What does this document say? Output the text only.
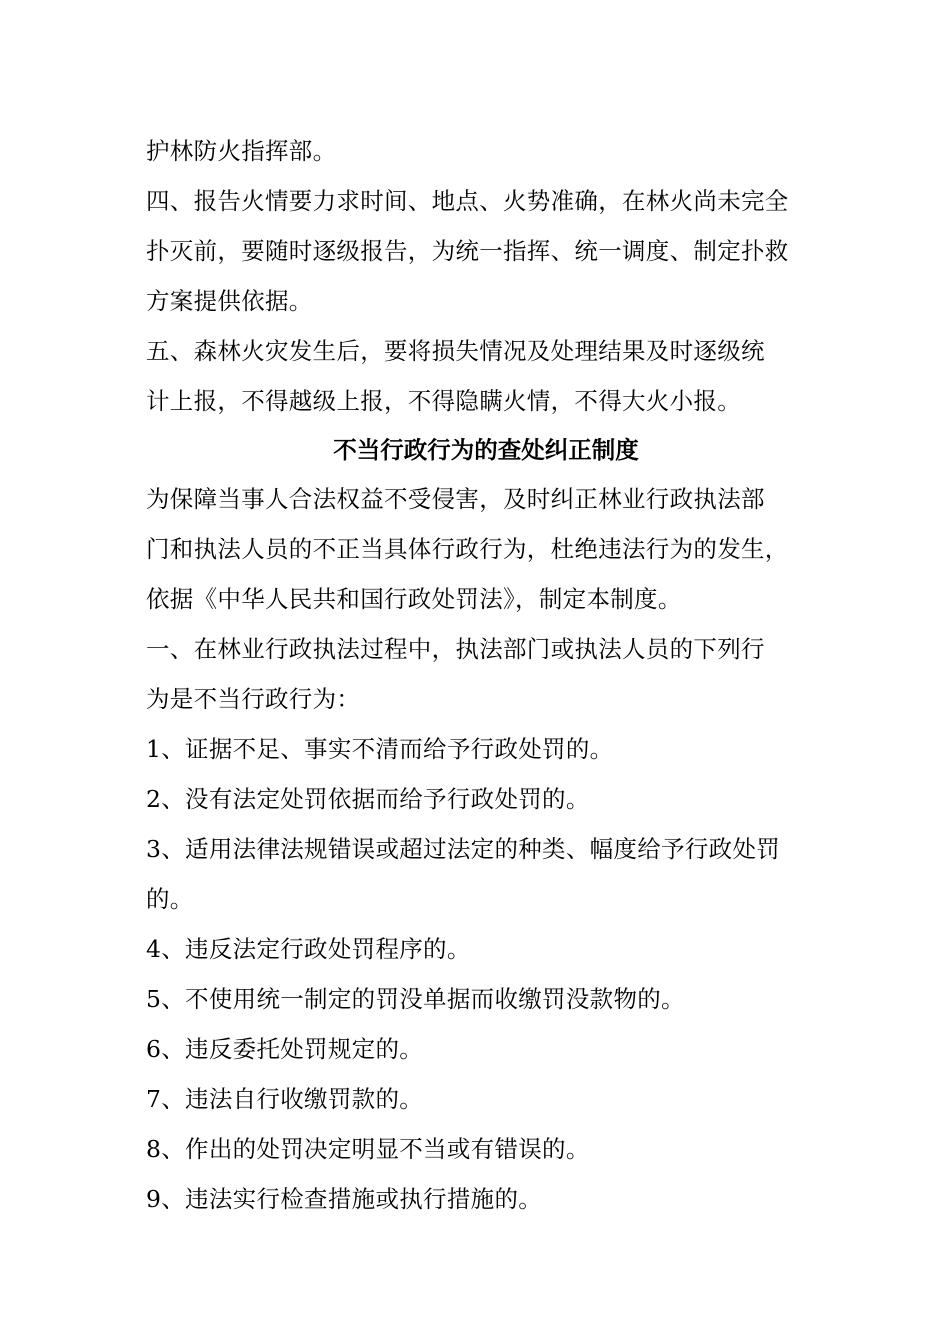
护林防火指挥部。
四、报告火情要力求时间、地点、火势准确，在林火尚未完全
扑灭前，要随时逐级报告，为统一指挥、统一调度、制定扑救
方案提供依据。
五、森林火灾发生后，要将损失情况及处理结果及时逐级统
计上报，不得越级上报，不得隐瞒火情，不得大火小报。
不当行政行为的查处纠正制度
为保障当事人合法权益不受侵害，及时纠正林业行政执法部
门和执法人员的不正当具体行政行为，杜绝违法行为的发生，
依据《中华人民共和国行政处罚法》，制定本制度。
一、在林业行政执法过程中，执法部门或执法人员的下列行
为是不当行政行为：
1、证据不足、事实不清而给予行政处罚的。
2、没有法定处罚依据而给予行政处罚的。
3、适用法律法规错误或超过法定的种类、幅度给予行政处罚
的。
4、违反法定行政处罚程序的。
5、不使用统一制定的罚没单据而收缴罚没款物的。
6、违反委托处罚规定的。
7、违法自行收缴罚款的。
8、作出的处罚决定明显不当或有错误的。
9、违法实行检查措施或执行措施的。
